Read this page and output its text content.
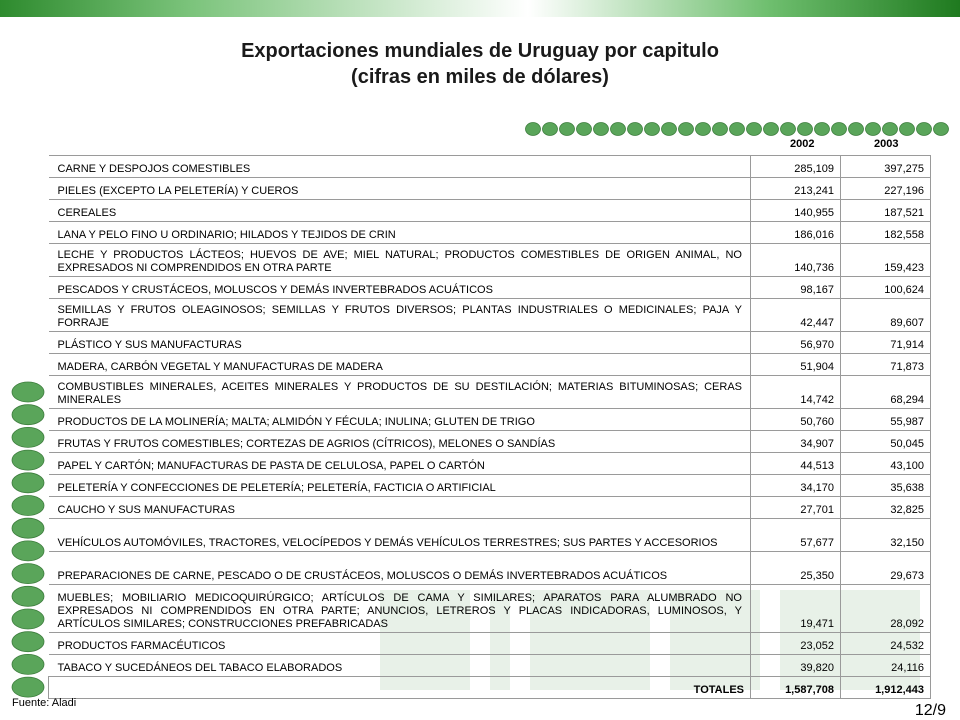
Exportaciones mundiales de Uruguay por capitulo
(cifras en miles de dólares)
2002	2003
CARNE Y DESPOJOS COMESTIBLES	285,109	397,275
PIELES (EXCEPTO LA PELETERÍA) Y CUEROS	213,241	227,196
CEREALES	140,955	187,521
LANA Y PELO FINO U ORDINARIO; HILADOS Y TEJIDOS DE CRIN	186,016	182,558
LECHE Y PRODUCTOS LÁCTEOS; HUEVOS DE AVE; MIEL NATURAL; PRODUCTOS COMESTIBLES DE ORIGEN ANIMAL, NO EXPRESADOS NI COMPRENDIDOS EN OTRA PARTE	140,736	159,423
PESCADOS Y CRUSTÁCEOS, MOLUSCOS Y DEMÁS INVERTEBRADOS ACUÁTICOS	98,167	100,624
SEMILLAS Y FRUTOS OLEAGINOSOS; SEMILLAS Y FRUTOS DIVERSOS; PLANTAS INDUSTRIALES O MEDICINALES; PAJA Y FORRAJE	42,447	89,607
PLÁSTICO Y SUS MANUFACTURAS	56,970	71,914
MADERA, CARBÓN VEGETAL Y MANUFACTURAS DE MADERA	51,904	71,873
COMBUSTIBLES MINERALES, ACEITES MINERALES Y PRODUCTOS DE SU DESTILACIÓN; MATERIAS BITUMINOSAS; CERAS MINERALES	14,742	68,294
PRODUCTOS DE LA MOLINERÍA; MALTA; ALMIDÓN Y FÉCULA; INULINA; GLUTEN DE TRIGO	50,760	55,987
FRUTAS Y FRUTOS COMESTIBLES; CORTEZAS DE AGRIOS (CÍTRICOS), MELONES O SANDÍAS	34,907	50,045
PAPEL Y CARTÓN; MANUFACTURAS DE PASTA DE CELULOSA, PAPEL O CARTÓN	44,513	43,100
PELETERÍA Y CONFECCIONES DE PELETERÍA; PELETERÍA, FACTICIA O ARTIFICIAL	34,170	35,638
CAUCHO Y SUS MANUFACTURAS	27,701	32,825
VEHÍCULOS AUTOMÓVILES, TRACTORES, VELOCÍPEDOS Y DEMÁS VEHÍCULOS TERRESTRES; SUS PARTES Y ACCESORIOS	57,677	32,150
PREPARACIONES DE CARNE, PESCADO O DE CRUSTÁCEOS, MOLUSCOS O DEMÁS INVERTEBRADOS ACUÁTICOS	25,350	29,673
MUEBLES; MOBILIARIO MEDICOQUIRÚRGICO; ARTÍCULOS DE CAMA Y SIMILARES; APARATOS PARA ALUMBRADO NO EXPRESADOS NI COMPRENDIDOS EN OTRA PARTE; ANUNCIOS, LETREROS Y PLACAS INDICADORAS, LUMINOSOS, Y ARTÍCULOS SIMILARES; CONSTRUCCIONES PREFABRICADAS	19,471	28,092
PRODUCTOS FARMACÉUTICOS	23,052	24,532
TABACO Y SUCEDÁNEOS DEL TABACO ELABORADOS	39,820	24,116
TOTALES	1,587,708	1,912,443
Fuente: Aladi	12/9
